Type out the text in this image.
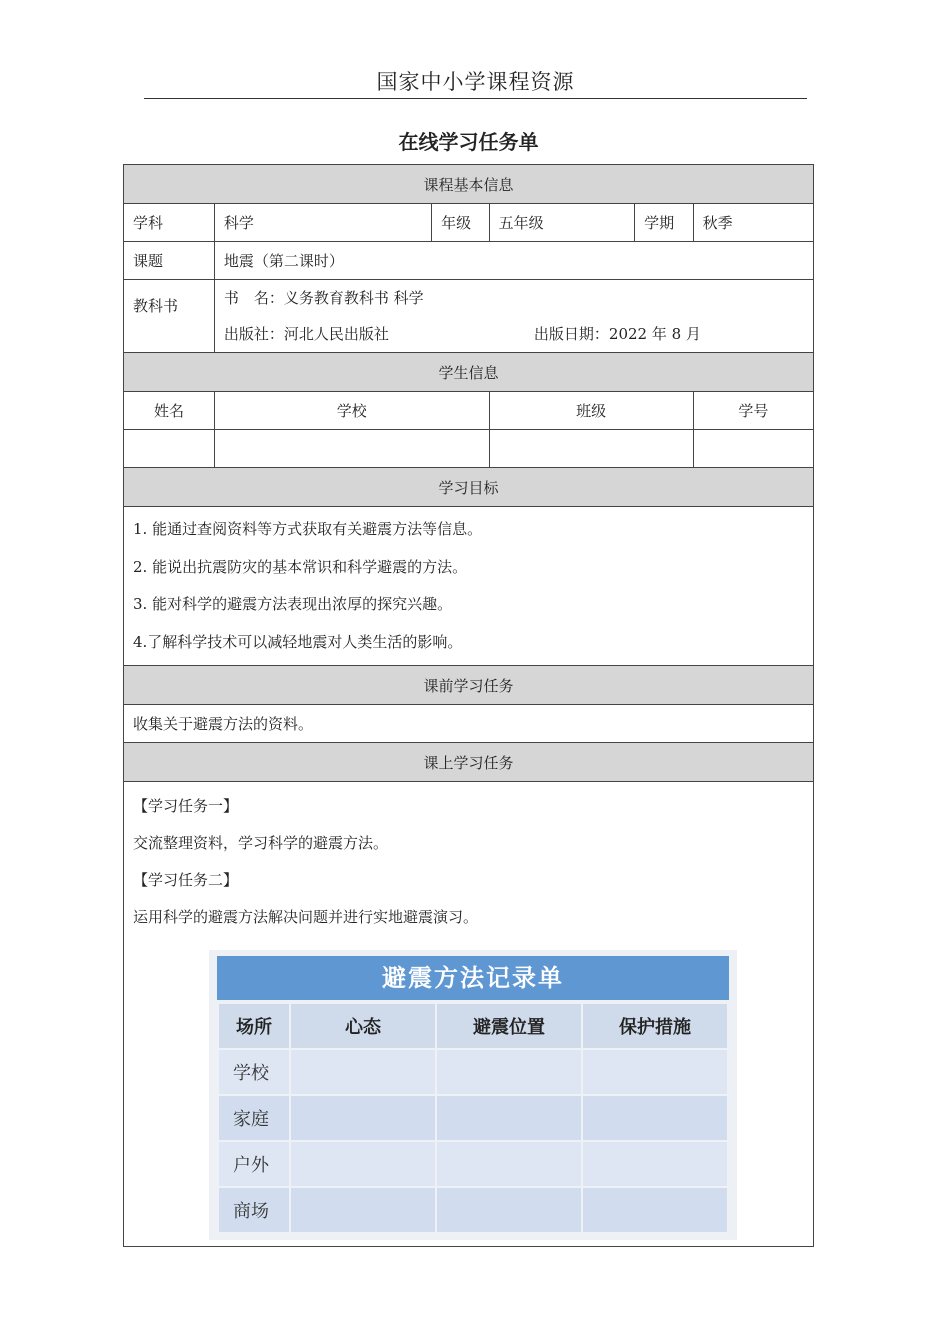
国家中小学课程资源
在线学习任务单
课程基本信息
学科	科学	年级	五年级	学期	秋季
课题	地震（第二课时）
教科书	书　名：义务教育教科书 科学
出版社：河北人民出版社	出版日期：2022 年 8 月

学生信息
姓名	学校	班级	学号

学习目标

1. 能通过查阅资料等方式获取有关避震方法等信息。
2. 能说出抗震防灾的基本常识和科学避震的方法。
3. 能对科学的避震方法表现出浓厚的探究兴趣。
4.了解科学技术可以减轻地震对人类生活的影响。

课前学习任务
收集关于避震方法的资料。
课上学习任务

【学习任务一】
交流整理资料，学习科学的避震方法。
【学习任务二】
运用科学的避震方法解决问题并进行实地避震演习。
避震方法记录单
场所	心态	避震位置	保护措施
学校			
家庭			
户外			
商场			
